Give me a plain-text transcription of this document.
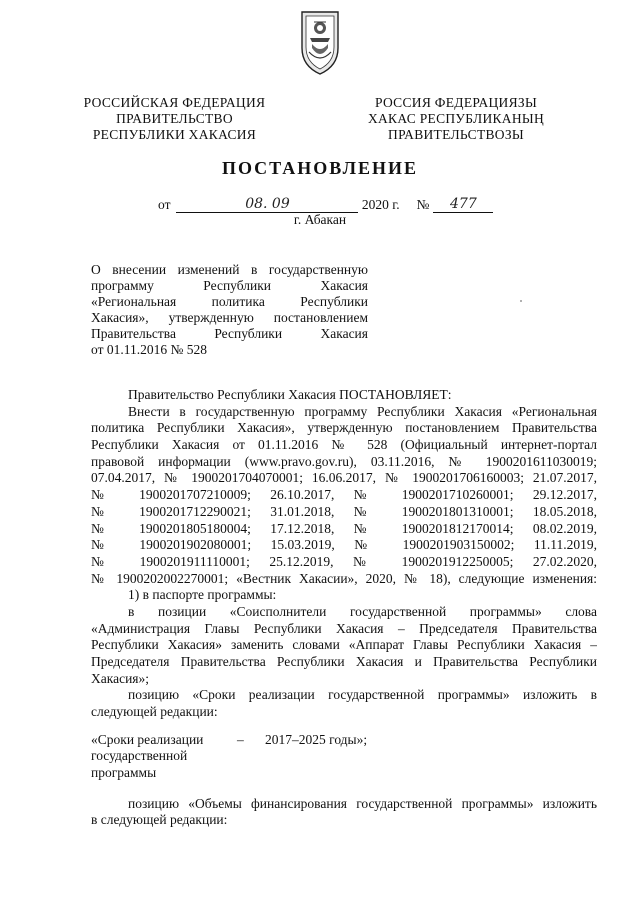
РОССИЙСКАЯ ФЕДЕРАЦИЯ
ПРАВИТЕЛЬСТВО
РЕСПУБЛИКИ ХАКАСИЯ
РОССИЯ ФЕДЕРАЦИЯЗЫ
ХАКАС РЕСПУБЛИКАНЫҢ
ПРАВИТЕЛЬСТВОЗЫ
ПОСТАНОВЛЕНИЕ
от	08. 09	2020 г. № 477
г. Абакан
О внесении изменений в государственную
программу Республики Хакасия
«Региональная политика Республики
Хакасия», утвержденную постановлением
Правительства Республики Хакасия
от 01.11.2016 № 528
Правительство Республики Хакасия ПОСТАНОВЛЯЕТ:
Внести в государственную программу Республики Хакасия «Региональная
политика Республики Хакасия», утвержденную постановлением Правительства
Республики Хакасия от 01.11.2016 № 528 (Официальный интернет-портал
правовой информации (www.pravo.gov.ru), 03.11.2016, № 1900201611030019;
07.04.2017, № 1900201704070001; 16.06.2017, № 1900201706160003; 21.07.2017,
№ 1900201707210009; 26.10.2017, № 1900201710260001; 29.12.2017,
№ 1900201712290021; 31.01.2018, № 1900201801310001; 18.05.2018,
№ 1900201805180004; 17.12.2018, № 1900201812170014; 08.02.2019,
№ 1900201902080001; 15.03.2019, № 1900201903150002; 11.11.2019,
№ 1900201911110001; 25.12.2019, № 1900201912250005; 27.02.2020,
№ 1900202002270001; «Вестник Хакасии», 2020, № 18), следующие изменения:
1) в паспорте программы:
в позиции «Соисполнители государственной программы» слова
«Администрация Главы Республики Хакасия – Председателя Правительства
Республики Хакасия» заменить словами «Аппарат Главы Республики Хакасия –
Председателя Правительства Республики Хакасия и Правительства Республики
Хакасия»;
позицию «Сроки реализации государственной программы» изложить в
следующей редакции:
«Сроки реализации
государственной
программы
– 2017–2025 годы»;
позицию «Объемы финансирования государственной программы» изложить
в следующей редакции:
